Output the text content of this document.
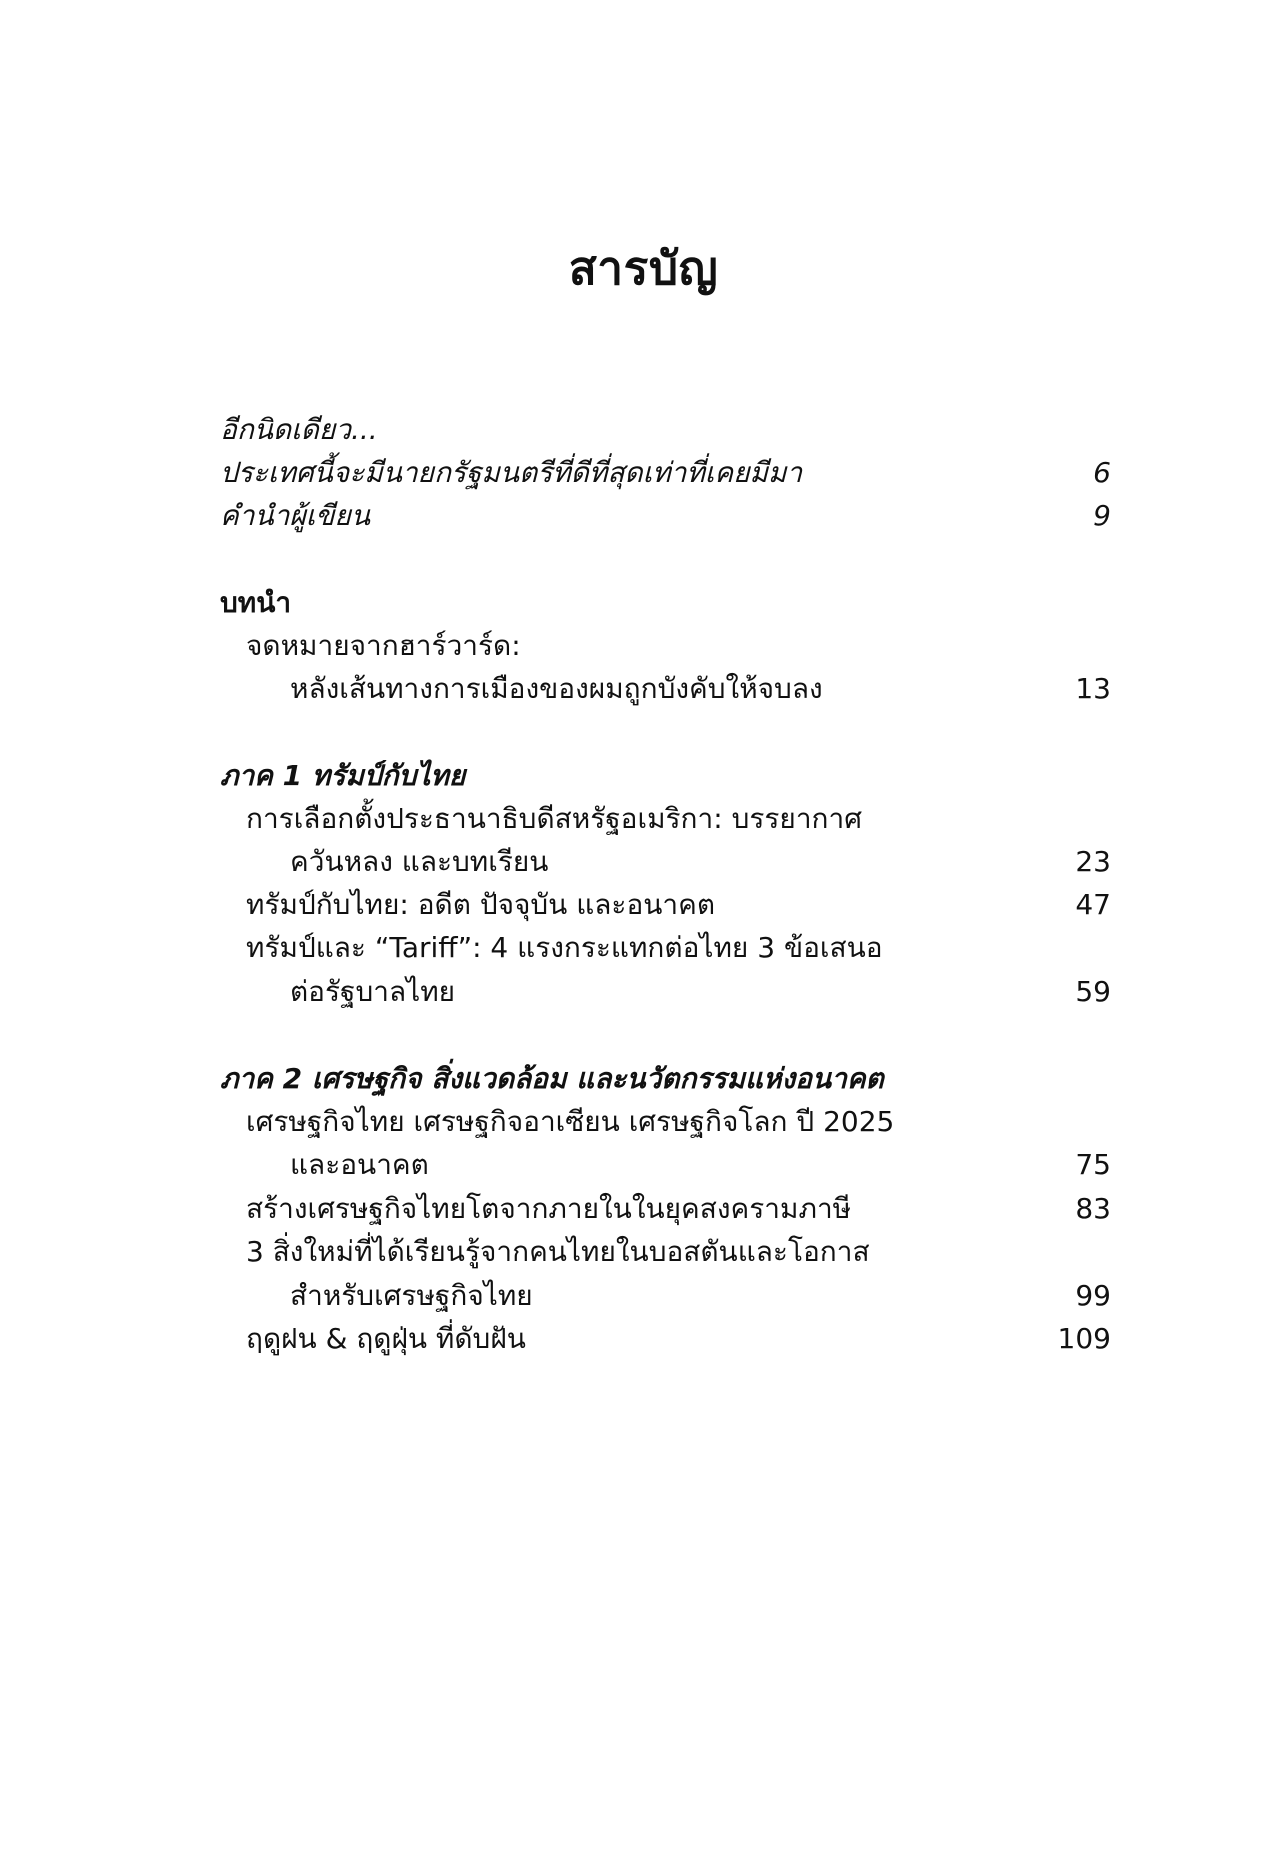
สารบัญ
อีกนิดเดียว...
ประเทศนี้จะมีนายกรัฐมนตรีที่ดีที่สุดเท่าที่เคยมีมา	6
คำนำผู้เขียน	9
บทนำ
จดหมายจากฮาร์วาร์ด:
หลังเส้นทางการเมืองของผมถูกบังคับให้จบลง	13
ภาค 1 ทรัมป์กับไทย
การเลือกตั้งประธานาธิบดีสหรัฐอเมริกา: บรรยากาศ
ควันหลง และบทเรียน	23
ทรัมป์กับไทย: อดีต ปัจจุบัน และอนาคต	47
ทรัมป์และ “Tariff”: 4 แรงกระแทกต่อไทย 3 ข้อเสนอ
ต่อรัฐบาลไทย	59
ภาค 2 เศรษฐกิจ สิ่งแวดล้อม และนวัตกรรมแห่งอนาคต
เศรษฐกิจไทย เศรษฐกิจอาเซียน เศรษฐกิจโลก ปี 2025
และอนาคต	75
สร้างเศรษฐกิจไทยโตจากภายในในยุคสงครามภาษี	83
3 สิ่งใหม่ที่ได้เรียนรู้จากคนไทยในบอสตันและโอกาส
สำหรับเศรษฐกิจไทย	99
ฤดูฝน & ฤดูฝุ่น ที่ดับฝัน	109
